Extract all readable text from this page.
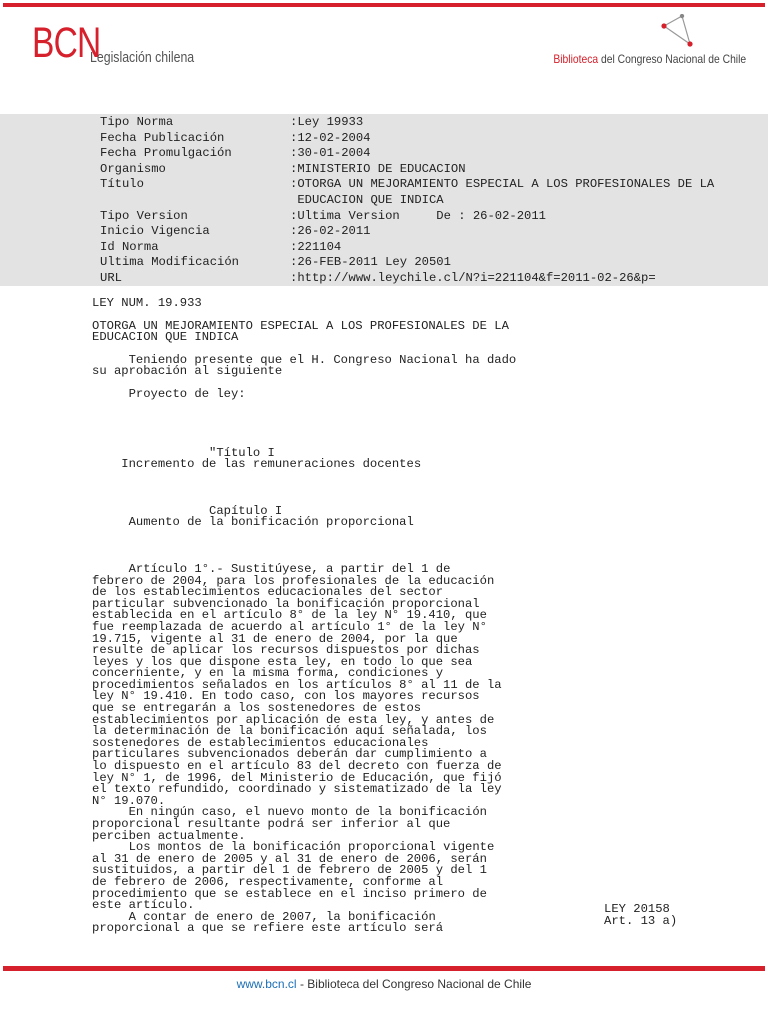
BCN
Legislación chilena	Biblioteca del Congreso Nacional de Chile
Tipo Norma	:Ley 19933
Fecha Publicación	:12-02-2004
Fecha Promulgación	:30-01-2004
Organismo	:MINISTERIO DE EDUCACION
Título	:OTORGA UN MEJORAMIENTO ESPECIAL A LOS PROFESIONALES DE LA
EDUCACION QUE INDICA
Tipo Version	:Ultima Version     De : 26-02-2011
Inicio Vigencia	:26-02-2011
Id Norma	:221104
Ultima Modificación	:26-FEB-2011 Ley 20501
URL	:http://www.leychile.cl/N?i=221104&f=2011-02-26&p=

LEY NUM. 19.933

OTORGA UN MEJORAMIENTO ESPECIAL A LOS PROFESIONALES DE LA
EDUCACION QUE INDICA

Teniendo presente que el H. Congreso Nacional ha dado
su aprobación al siguiente

Proyecto de ley:

"Título I
Incremento de las remuneraciones docentes

Capítulo I
Aumento de la bonificación proporcional

Artículo 1°.- Sustitúyese, a partir del 1 de
febrero de 2004, para los profesionales de la educación
de los establecimientos educacionales del sector
particular subvencionado la bonificación proporcional
establecida en el artículo 8° de la ley N° 19.410, que
fue reemplazada de acuerdo al artículo 1° de la ley N°
19.715, vigente al 31 de enero de 2004, por la que
resulte de aplicar los recursos dispuestos por dichas
leyes y los que dispone esta ley, en todo lo que sea
concerniente, y en la misma forma, condiciones y
procedimientos señalados en los artículos 8° al 11 de la
ley N° 19.410. En todo caso, con los mayores recursos
que se entregarán a los sostenedores de estos
establecimientos por aplicación de esta ley, y antes de
la determinación de la bonificación aquí señalada, los
sostenedores de establecimientos educacionales
particulares subvencionados deberán dar cumplimiento a
lo dispuesto en el artículo 83 del decreto con fuerza de
ley N° 1, de 1996, del Ministerio de Educación, que fijó
el texto refundido, coordinado y sistematizado de la ley
N° 19.070.

En ningún caso, el nuevo monto de la bonificación
proporcional resultante podrá ser inferior al que
perciben actualmente.

Los montos de la bonificación proporcional vigente
al 31 de enero de 2005 y al 31 de enero de 2006, serán
sustituidos, a partir del 1 de febrero de 2005 y del 1
de febrero de 2006, respectivamente, conforme al
procedimiento que se establece en el inciso primero de
este artículo.

A contar de enero de 2007, la bonificación
proporcional a que se refiere este artículo será

LEY 20158
Art. 13 a)
www.bcn.cl - Biblioteca del Congreso Nacional de Chile
